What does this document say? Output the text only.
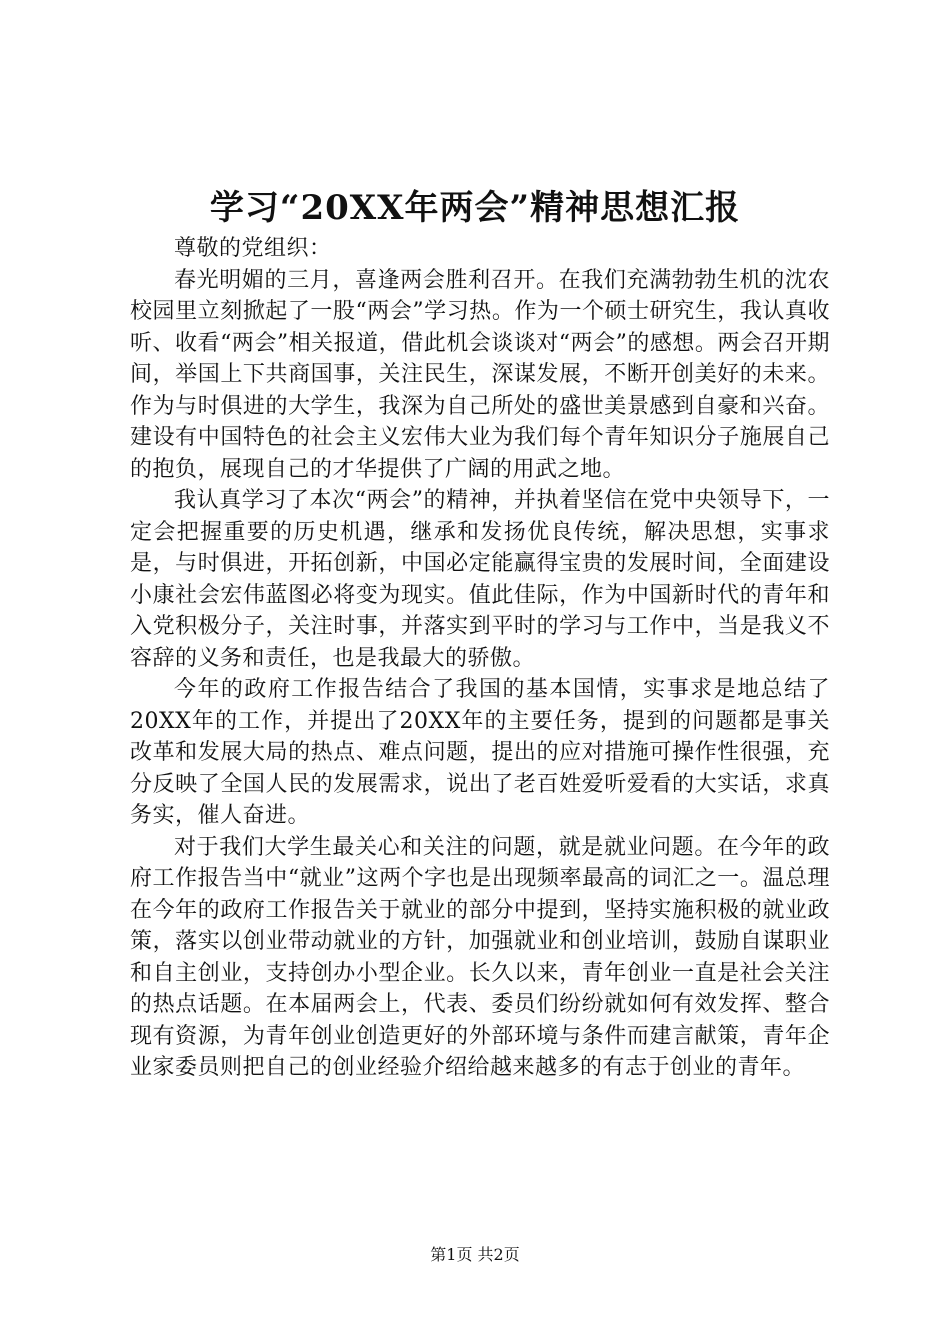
学习“20XX年两会”精神思想汇报

尊敬的党组织：

春光明媚的三月，喜逢两会胜利召开。在我们充满勃勃生机的沈农校园里立刻掀起了一股“两会”学习热。作为一个硕士研究生，我认真收听、收看“两会”相关报道，借此机会谈谈对“两会”的感想。两会召开期间，举国上下共商国事，关注民生，深谋发展，不断开创美好的未来。作为与时俱进的大学生，我深为自己所处的盛世美景感到自豪和兴奋。建设有中国特色的社会主义宏伟大业为我们每个青年知识分子施展自己的抱负，展现自己的才华提供了广阔的用武之地。

我认真学习了本次“两会”的精神，并执着坚信在党中央领导下，一定会把握重要的历史机遇，继承和发扬优良传统，解决思想，实事求是，与时俱进，开拓创新，中国必定能赢得宝贵的发展时间，全面建设小康社会宏伟蓝图必将变为现实。值此佳际，作为中国新时代的青年和入党积极分子，关注时事，并落实到平时的学习与工作中，当是我义不容辞的义务和责任，也是我最大的骄傲。

今年的政府工作报告结合了我国的基本国情，实事求是地总结了20XX年的工作，并提出了20XX年的主要任务，提到的问题都是事关改革和发展大局的热点、难点问题，提出的应对措施可操作性很强，充分反映了全国人民的发展需求，说出了老百姓爱听爱看的大实话，求真务实，催人奋进。

对于我们大学生最关心和关注的问题，就是就业问题。在今年的政府工作报告当中“就业”这两个字也是出现频率最高的词汇之一。温总理在今年的政府工作报告关于就业的部分中提到，坚持实施积极的就业政策，落实以创业带动就业的方针，加强就业和创业培训，鼓励自谋职业和自主创业，支持创办小型企业。长久以来，青年创业一直是社会关注的热点话题。在本届两会上，代表、委员们纷纷就如何有效发挥、整合现有资源，为青年创业创造更好的外部环境与条件而建言献策，青年企业家委员则把自己的创业经验介绍给越来越多的有志于创业的青年。

第1页 共2页
